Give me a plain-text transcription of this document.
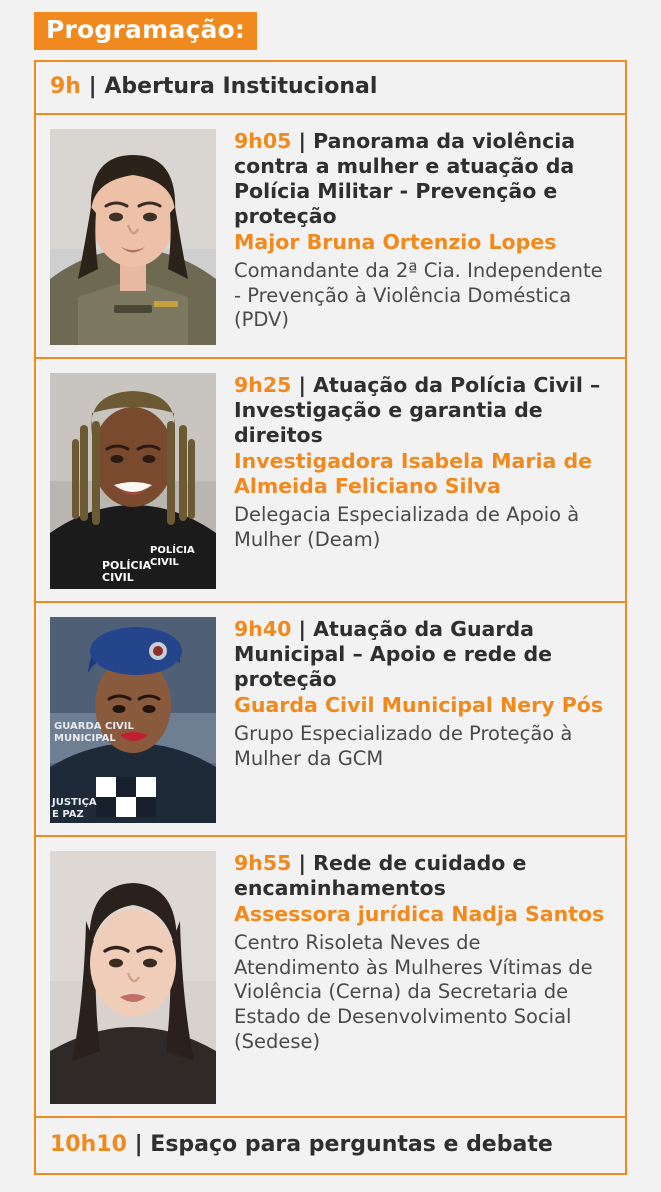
Programação:
9h | Abertura Institucional
9h05 | Panorama da violência contra a mulher e atuação da Polícia Militar - Prevenção e proteção
Major Bruna Ortenzio Lopes
Comandante da 2ª Cia. Independente - Prevenção à Violência Doméstica (PDV)
POLÍCIA
POLÍCIA
CIVIL
CIVIL
9h25 | Atuação da Polícia Civil – Investigação e garantia de direitos
Investigadora Isabela Maria de Almeida Feliciano Silva
Delegacia Especializada de Apoio à Mulher (Deam)
GUARDA CIVIL
MUNICIPAL
JUSTIÇA
E PAZ
9h40 | Atuação da Guarda Municipal – Apoio e rede de proteção
Guarda Civil Municipal Nery Pós
Grupo Especializado de Proteção à Mulher da GCM
9h55 | Rede de cuidado e encaminhamentos
Assessora jurídica Nadja Santos
Centro Risoleta Neves de Atendimento às Mulheres Vítimas de Violência (Cerna) da Secretaria de Estado de Desenvolvimento Social (Sedese)
10h10 | Espaço para perguntas e debate
